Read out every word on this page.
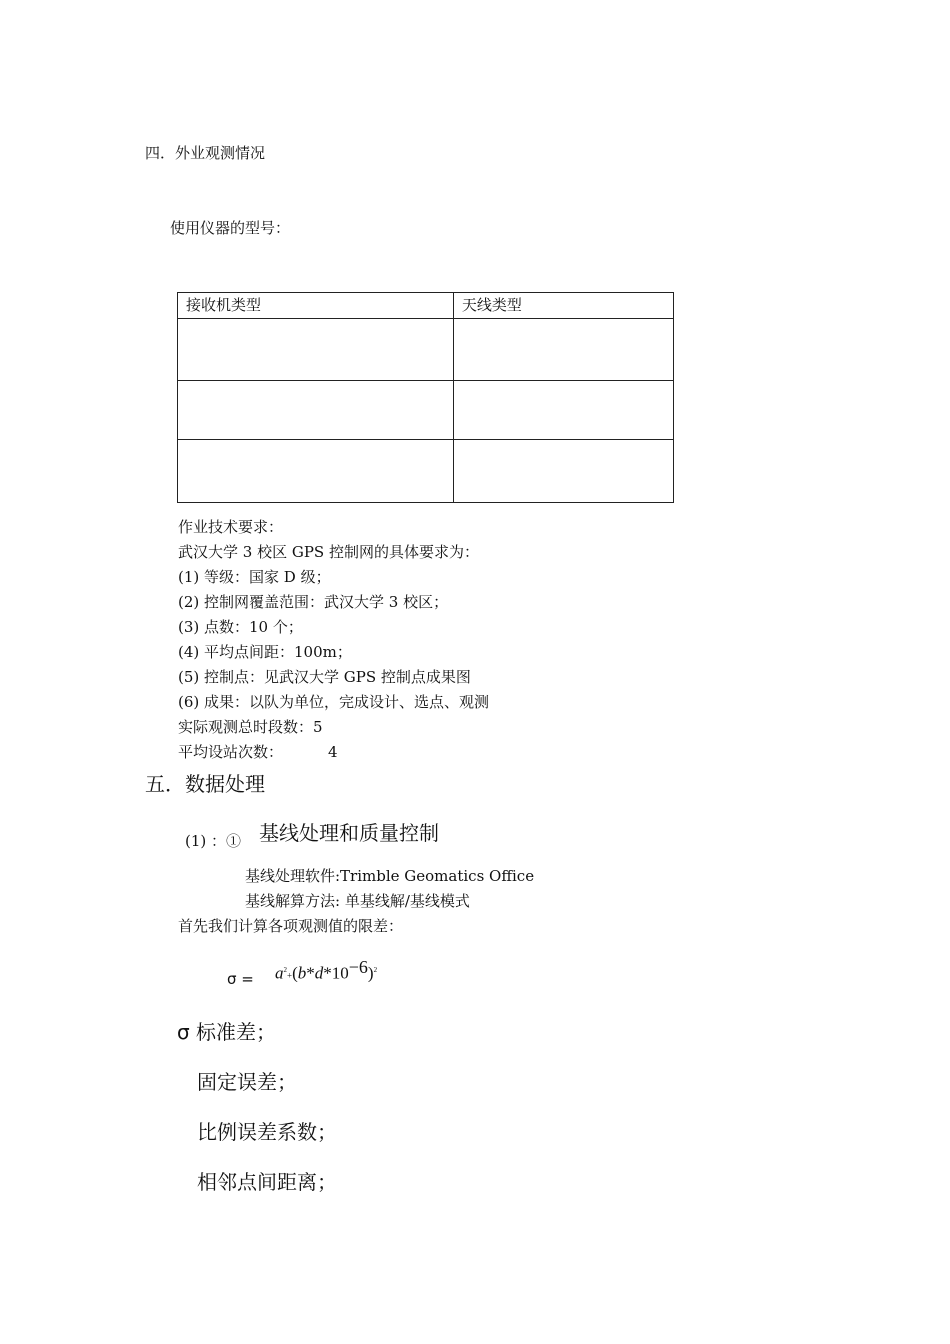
四．外业观测情况
使用仪器的型号：
接收机类型	天线类型

作业技术要求：
武汉大学 3 校区 GPS 控制网的具体要求为：
(1) 等级：国家 D 级；
(2) 控制网覆盖范围：武汉大学 3 校区；
(3) 点数：10 个；
(4) 平均点间距：100m；
(5) 控制点：见武汉大学 GPS 控制点成果图
(6) 成果：以队为单位，完成设计、选点、观测
实际观测总时段数：5
平均设站次数：	4
五．数据处理
(1) ：① 基线处理和质量控制
基线处理软件:Trimble Geomatics Office
基线解算方法: 单基线解/基线模式
首先我们计算各项观测值的限差：
$\sigma = a^2+(b*d*10-6)^2$
σ 标准差；
固定误差；
比例误差系数；
相邻点间距离；
